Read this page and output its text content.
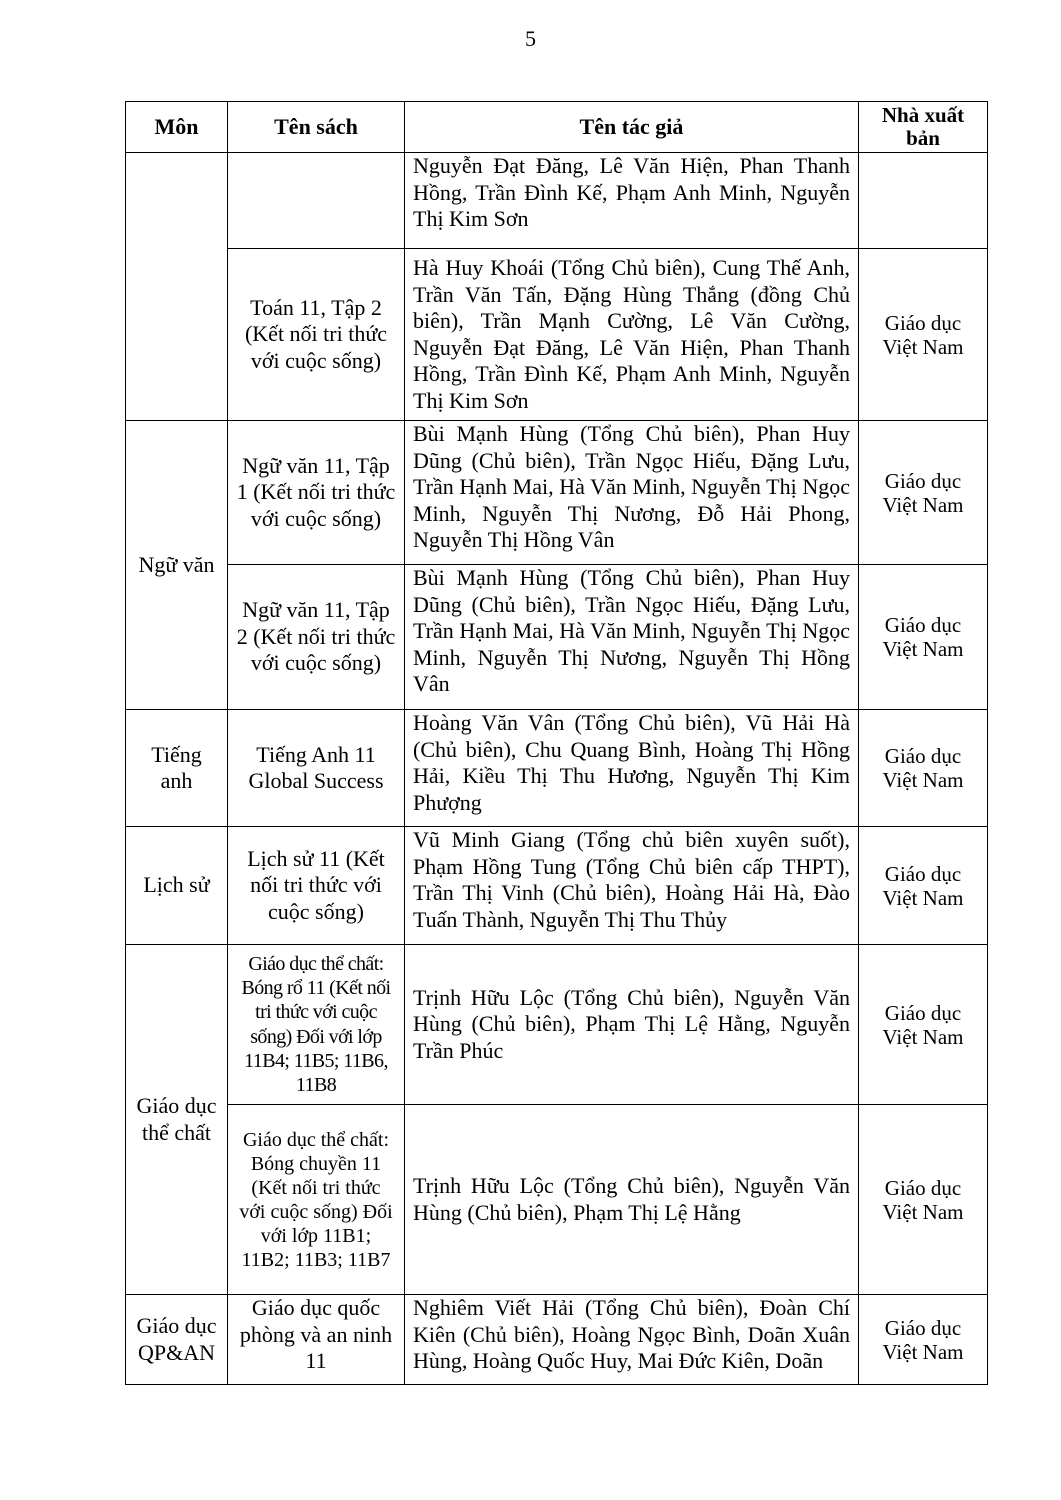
5
Môn	Tên sách	Tên tác giả	Nhà xuất bản
		Nguyễn Đạt Đăng, Lê Văn Hiện, Phan Thanh Hồng, Trần Đình Kế, Phạm Anh Minh, Nguyễn Thị Kim Sơn	
	Toán 11, Tập 2 (Kết nối tri thức với cuộc sống)	Hà Huy Khoái (Tổng Chủ biên), Cung Thế Anh, Trần Văn Tấn, Đặng Hùng Thắng (đồng Chủ biên), Trần Mạnh Cường, Lê Văn Cường, Nguyễn Đạt Đăng, Lê Văn Hiện, Phan Thanh Hồng, Trần Đình Kế, Phạm Anh Minh, Nguyễn Thị Kim Sơn	Giáo dục Việt Nam
Ngữ văn	Ngữ văn 11, Tập 1 (Kết nối tri thức với cuộc sống)	Bùi Mạnh Hùng (Tổng Chủ biên), Phan Huy Dũng (Chủ biên), Trần Ngọc Hiếu, Đặng Lưu, Trần Hạnh Mai, Hà Văn Minh, Nguyễn Thị Ngọc Minh, Nguyễn Thị Nương, Đỗ Hải Phong, Nguyễn Thị Hồng Vân	Giáo dục Việt Nam
	Ngữ văn 11, Tập 2 (Kết nối tri thức với cuộc sống)	Bùi Mạnh Hùng (Tổng Chủ biên), Phan Huy Dũng (Chủ biên), Trần Ngọc Hiếu, Đặng Lưu, Trần Hạnh Mai, Hà Văn Minh, Nguyễn Thị Ngọc Minh, Nguyễn Thị Nương, Nguyễn Thị Hồng Vân	Giáo dục Việt Nam
Tiếng anh	Tiếng Anh 11 Global Success	Hoàng Văn Vân (Tổng Chủ biên), Vũ Hải Hà (Chủ biên), Chu Quang Bình, Hoàng Thị Hồng Hải, Kiều Thị Thu Hương, Nguyễn Thị Kim Phượng	Giáo dục Việt Nam
Lịch sử	Lịch sử 11 (Kết nối tri thức với cuộc sống)	Vũ Minh Giang (Tổng chủ biên xuyên suốt), Phạm Hồng Tung (Tổng Chủ biên cấp THPT), Trần Thị Vinh (Chủ biên), Hoàng Hải Hà, Đào Tuấn Thành, Nguyễn Thị Thu Thủy	Giáo dục Việt Nam
Giáo dục thể chất	Giáo dục thể chất: Bóng rổ 11 (Kết nối tri thức với cuộc sống) Đối với lớp 11B4; 11B5; 11B6, 11B8	Trịnh Hữu Lộc (Tổng Chủ biên), Nguyễn Văn Hùng (Chủ biên), Phạm Thị Lệ Hằng, Nguyễn Trần Phúc	Giáo dục Việt Nam
	Giáo dục thể chất: Bóng chuyền 11 (Kết nối tri thức với cuộc sống) Đối với lớp 11B1; 11B2; 11B3; 11B7	Trịnh Hữu Lộc (Tổng Chủ biên), Nguyễn Văn Hùng (Chủ biên), Phạm Thị Lệ Hằng	Giáo dục Việt Nam
Giáo dục QP&AN	Giáo dục quốc phòng và an ninh 11	Nghiêm Viết Hải (Tổng Chủ biên), Đoàn Chí Kiên (Chủ biên), Hoàng Ngọc Bình, Doãn Xuân Hùng, Hoàng Quốc Huy, Mai Đức Kiên, Doãn	Giáo dục Việt Nam
